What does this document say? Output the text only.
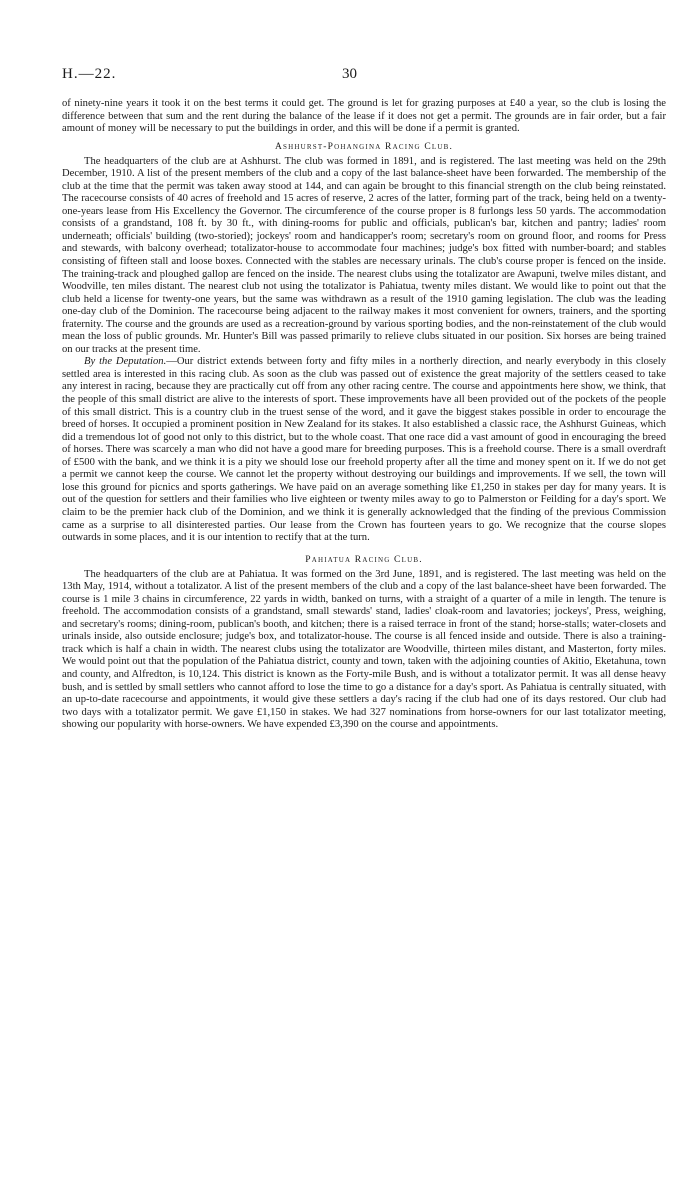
H.—22.	30

of ninety-nine years it took it on the best terms it could get. The ground is let for grazing purposes at £40 a year, so the club is losing the difference between that sum and the rent during the balance of the lease if it does not get a permit. The grounds are in fair order, but a fair amount of money will be necessary to put the buildings in order, and this will be done if a permit is granted.

Ashhurst-Pohangina Racing Club.

The headquarters of the club are at Ashhurst. The club was formed in 1891, and is registered. The last meeting was held on the 29th December, 1910. A list of the present members of the club and a copy of the last balance-sheet have been forwarded. The membership of the club at the time that the permit was taken away stood at 144, and can again be brought to this financial strength on the club being reinstated. The racecourse consists of 40 acres of freehold and 15 acres of reserve, 2 acres of the latter, forming part of the track, being held on a twenty-one-years lease from His Excellency the Governor. The circumference of the course proper is 8 furlongs less 50 yards. The accommodation consists of a grandstand, 108 ft. by 30 ft., with dining-rooms for public and officials, publican's bar, kitchen and pantry; ladies' room underneath; officials' building (two-storied); jockeys' room and handicapper's room; secretary's room on ground floor, and rooms for Press and stewards, with balcony overhead; totalizator-house to accommodate four machines; judge's box fitted with number-board; and stables consisting of fifteen stall and loose boxes. Connected with the stables are necessary urinals. The club's course proper is fenced on the inside. The training-track and ploughed gallop are fenced on the inside. The nearest clubs using the totalizator are Awapuni, twelve miles distant, and Woodville, ten miles distant. The nearest club not using the totalizator is Pahiatua, twenty miles distant. We would like to point out that the club held a license for twenty-one years, but the same was withdrawn as a result of the 1910 gaming legislation. The club was the leading one-day club of the Dominion. The racecourse being adjacent to the railway makes it most convenient for owners, trainers, and the sporting fraternity. The course and the grounds are used as a recreation-ground by various sporting bodies, and the non-reinstatement of the club would mean the loss of public grounds. Mr. Hunter's Bill was passed primarily to relieve clubs situated in our position. Six horses are being trained on our tracks at the present time.

By the Deputation.—Our district extends between forty and fifty miles in a northerly direction, and nearly everybody in this closely settled area is interested in this racing club. As soon as the club was passed out of existence the great majority of the settlers ceased to take any interest in racing, because they are practically cut off from any other racing centre. The course and appointments here show, we think, that the people of this small district are alive to the interests of sport. These improvements have all been provided out of the pockets of the people of this small district. This is a country club in the truest sense of the word, and it gave the biggest stakes possible in order to encourage the breed of horses. It occupied a prominent position in New Zealand for its stakes. It also established a classic race, the Ashhurst Guineas, which did a tremendous lot of good not only to this district, but to the whole coast. That one race did a vast amount of good in encouraging the breed of horses. There was scarcely a man who did not have a good mare for breeding purposes. This is a freehold course. There is a small overdraft of £500 with the bank, and we think it is a pity we should lose our freehold property after all the time and money spent on it. If we do not get a permit we cannot keep the course. We cannot let the property without destroying our buildings and improvements. If we sell, the town will lose this ground for picnics and sports gatherings. We have paid on an average something like £1,250 in stakes per day for many years. It is out of the question for settlers and their families who live eighteen or twenty miles away to go to Palmerston or Feilding for a day's sport. We claim to be the premier hack club of the Dominion, and we think it is generally acknowledged that the finding of the previous Commission came as a surprise to all disinterested parties. Our lease from the Crown has fourteen years to go. We recognize that the course slopes outwards in some places, and it is our intention to rectify that at the turn.

Pahiatua Racing Club.

The headquarters of the club are at Pahiatua. It was formed on the 3rd June, 1891, and is registered. The last meeting was held on the 13th May, 1914, without a totalizator. A list of the present members of the club and a copy of the last balance-sheet have been forwarded. The course is 1 mile 3 chains in circumference, 22 yards in width, banked on turns, with a straight of a quarter of a mile in length. The tenure is freehold. The accommodation consists of a grandstand, small stewards' stand, ladies' cloak-room and lavatories; jockeys', Press, weighing, and secretary's rooms; dining-room, publican's booth, and kitchen; there is a raised terrace in front of the stand; horse-stalls; water-closets and urinals inside, also outside enclosure; judge's box, and totalizator-house. The course is all fenced inside and outside. There is also a training-track which is half a chain in width. The nearest clubs using the totalizator are Woodville, thirteen miles distant, and Masterton, forty miles. We would point out that the population of the Pahiatua district, county and town, taken with the adjoining counties of Akitio, Eketahuna, town and county, and Alfredton, is 10,124. This district is known as the Forty-mile Bush, and is without a totalizator permit. It was all dense heavy bush, and is settled by small settlers who cannot afford to lose the time to go a distance for a day's sport. As Pahiatua is centrally situated, with an up-to-date racecourse and appointments, it would give these settlers a day's racing if the club had one of its days restored. Our club had two days with a totalizator permit. We gave £1,150 in stakes. We had 327 nominations from horse-owners for our last totalizator meeting, showing our popularity with horse-owners. We have expended £3,390 on the course and appointments.
